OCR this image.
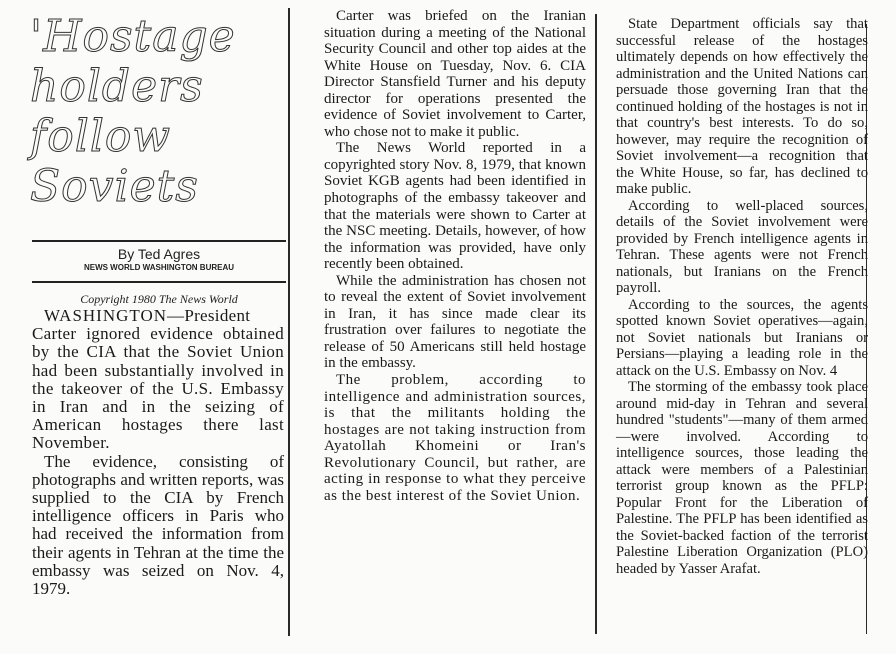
'Hostage
holders
follow
Soviets
By Ted Agres
NEWS WORLD WASHINGTON BUREAU
Copyright 1980 The News World

WASHINGTON—President Carter ignored evidence obtained by the CIA that the Soviet Union had been substantially involved in the takeover of the U.S. Embassy in Iran and in the seizing of American hostages there last November.

The evidence, consisting of photographs and written reports, was supplied to the CIA by French intelligence officers in Paris who had received the information from their agents in Tehran at the time the embassy was seized on Nov. 4, 1979.

Carter was briefed on the Iranian situation during a meeting of the National Security Council and other top aides at the White House on Tuesday, Nov. 6. CIA Director Stansfield Turner and his deputy director for operations presented the evidence of Soviet involvement to Carter, who chose not to make it public.

The News World reported in a copyrighted story Nov. 8, 1979, that known Soviet KGB agents had been identified in photographs of the embassy takeover and that the materials were shown to Carter at the NSC meeting. Details, however, of how the information was provided, have only recently been obtained.

While the administration has chosen not to reveal the extent of Soviet involvement in Iran, it has since made clear its frustration over failures to negotiate the release of 50 Americans still held hostage in the embassy.

The problem, according to intelligence and administration sources, is that the militants holding the hostages are not taking instruction from Ayatollah Khomeini or Iran's Revolutionary Council, but rather, are acting in response to what they perceive as the best interest of the Soviet Union.

State Department officials say that successful release of the hostages ultimately depends on how effectively the administration and the United Nations can persuade those governing Iran that the continued holding of the hostages is not in that country's best interests. To do so, however, may require the recognition of Soviet involvement—a recognition that the White House, so far, has declined to make public.

According to well-placed sources, details of the Soviet involvement were provided by French intelligence agents in Tehran. These agents were not French nationals, but Iranians on the French payroll.

According to the sources, the agents spotted known Soviet operatives—again, not Soviet nationals but Iranians or Persians—playing a leading role in the attack on the U.S. Embassy on Nov. 4

The storming of the embassy took place around mid-day in Tehran and several hundred "students"—many of them armed—were involved. According to intelligence sources, those leading the attack were members of a Palestinian terrorist group known as the PFLP: Popular Front for the Liberation of Palestine. The PFLP has been identified as the Soviet-backed faction of the terrorist Palestine Liberation Organization (PLO) headed by Yasser Arafat.
